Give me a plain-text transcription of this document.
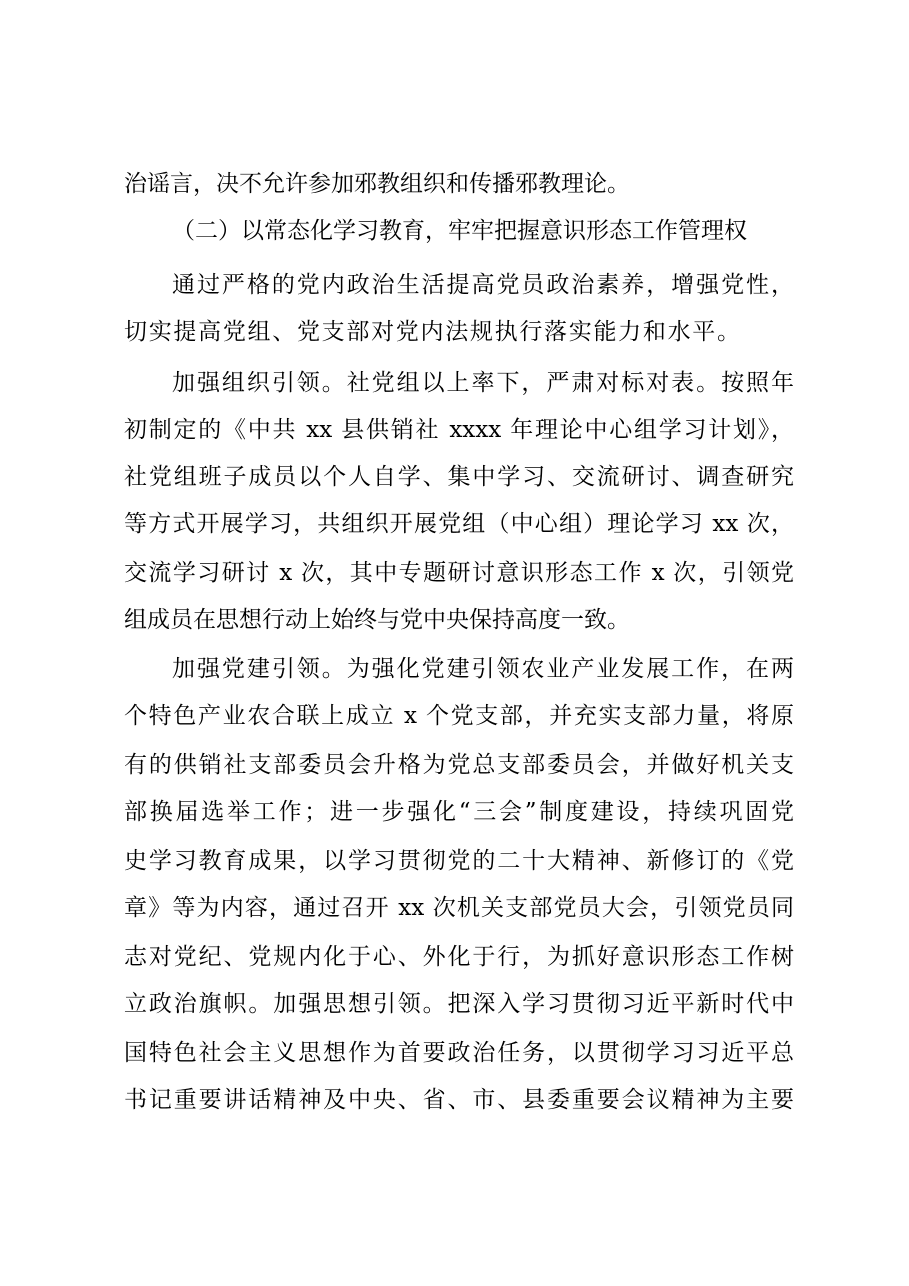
治谣言，决不允许参加邪教组织和传播邪教理论。
（二）以常态化学习教育，牢牢把握意识形态工作管理权
通过严格的党内政治生活提高党员政治素养，增强党性，
切实提高党组、党支部对党内法规执行落实能力和水平。
加强组织引领。社党组以上率下，严肃对标对表。按照年
初制定的《中共 xx 县供销社 xxxx 年理论中心组学习计划》，
社党组班子成员以个人自学、集中学习、交流研讨、调查研究
等方式开展学习，共组织开展党组（中心组）理论学习 xx 次，
交流学习研讨 x 次，其中专题研讨意识形态工作 x 次，引领党
组成员在思想行动上始终与党中央保持高度一致。
加强党建引领。为强化党建引领农业产业发展工作，在两
个特色产业农合联上成立 x 个党支部，并充实支部力量，将原
有的供销社支部委员会升格为党总支部委员会，并做好机关支
部换届选举工作；进一步强化“三会”制度建设，持续巩固党
史学习教育成果，以学习贯彻党的二十大精神、新修订的《党
章》等为内容，通过召开 xx 次机关支部党员大会，引领党员同
志对党纪、党规内化于心、外化于行，为抓好意识形态工作树
立政治旗帜。加强思想引领。把深入学习贯彻习近平新时代中
国特色社会主义思想作为首要政治任务，以贯彻学习习近平总
书记重要讲话精神及中央、省、市、县委重要会议精神为主要
